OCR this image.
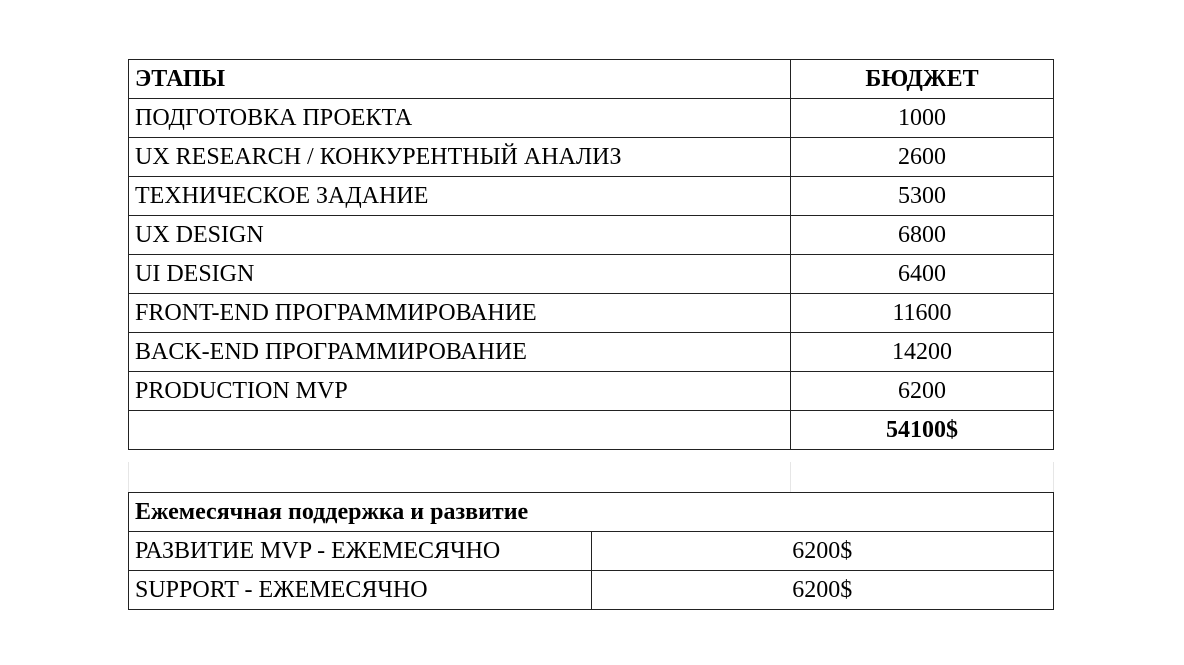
ЭТАПЫ	БЮДЖЕТ
ПОДГОТОВКА ПРОЕКТА	1000
UX RESEARCH / КОНКУРЕНТНЫЙ АНАЛИЗ	2600
ТЕХНИЧЕСКОЕ ЗАДАНИЕ	5300
UX DESIGN	6800
UI DESIGN	6400
FRONT-END ПРОГРАММИРОВАНИЕ	11600
BACK-END ПРОГРАММИРОВАНИЕ	14200
PRODUCTION MVP	6200
	54100$
Ежемесячная поддержка и развитие	
РАЗВИТИЕ MVP - ЕЖЕМЕСЯЧНО	6200$
SUPPORT - ЕЖЕМЕСЯЧНО	6200$
